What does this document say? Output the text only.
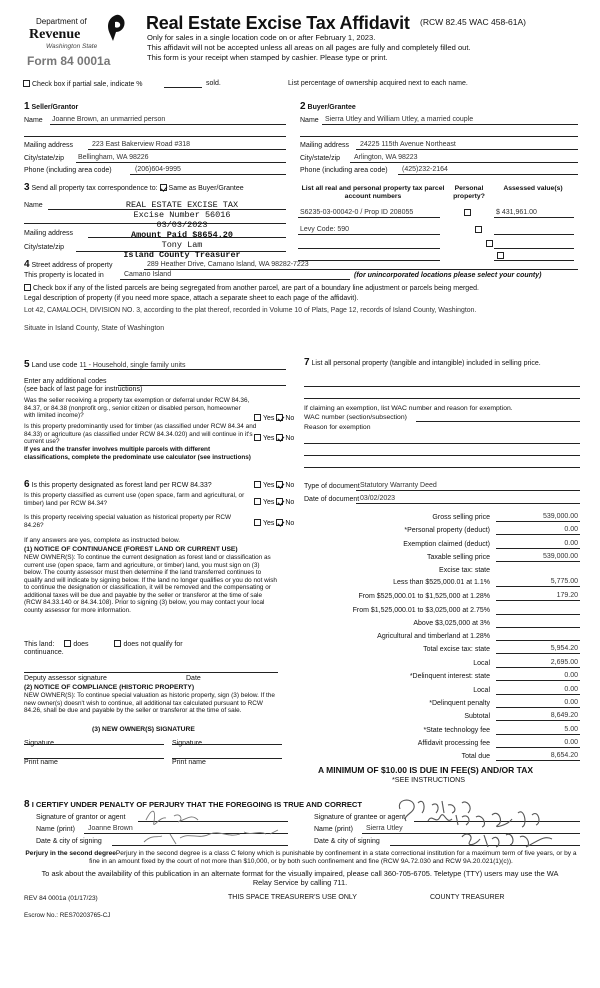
Department of
Revenue
Washington State
Form 84 0001a
Real Estate Excise Tax Affidavit (RCW 82.45 WAC 458-61A)
Only for sales in a single location code on or after February 1, 2023.
This affidavit will not be accepted unless all areas on all pages are fully and completely filled out.
This form is your receipt when stamped by cashier. Please type or print.
Check box if partial sale, indicate %	sold.	List percentage of ownership acquired next to each name.
1 Seller/Grantor
Name Joanne Brown, an unmarried person
Mailing address	223 East Bakerview Road #318
City/state/zip Bellingham, WA 98226
Phone (including area code)	(206)604-9995
2 Buyer/Grantee
Name Sierra Utley and William Utley, a married couple
Mailing address 24225 115th Avenue Northeast
City/state/zip Arlington, WA 98223
Phone (including area code) (425)232-2164
3 Send all property tax correspondence to: Same as Buyer/Grantee
Name
Mailing address
City/state/zip
REAL ESTATE EXCISE TAX
Excise Number 56016
03/03/2023
Amount Paid $8654.20
Tony Lam
Island County Treasurer
List all real and personal property tax parcel account numbers
Personal property?
Assessed value(s)
S6235-03-00042-0 / Prop ID 208055
	$ 431,961.00
Levy Code: 590

4 Street address of property	289 Heather Drive, Camano Island, WA 98282-7223
This property is located in	Camano Island	(for unincorporated locations please select your county)
Check box if any of the listed parcels are being segregated from another parcel, are part of a boundary line adjustment or parcels being merged.
Legal description of property (if you need more space, attach a separate sheet to each page of the affidavit).
Lot 42, CAMALOCH, DIVISION NO. 3, according to the plat thereof, recorded in Volume 10 of Plats, Page 12, records of Island County, Washington.
Situate in Island County, State of Washington
5 Land use code 11 - Household, single family units
Enter any additional codes
(see back of last page for instructions)
Was the seller receiving a property tax exemption or deferral under RCW 84.36, 84.37, or 84.38 (nonprofit org., senior citizen or disabled person, homeowner with limited income)?	Yes No
Is this property predominantly used for timber (as classified under RCW 84.34 and 84.33) or agriculture (as classified under RCW 84.34.020) and will continue in it's current use?
If yes and the transfer involves multiple parcels with different classifications, complete the predominate use calculator (see instructions)
Yes No
6 Is this property designated as forest land per RCW 84.33?	Yes No
Is this property classified as current use (open space, farm and agricultural, or timber) land per RCW 84.34?	Yes No
Is this property receiving special valuation as historical property per RCW 84.26?	Yes No
If any answers are yes, complete as instructed below.
(1) NOTICE OF CONTINUANCE (FOREST LAND OR CURRENT USE)
NEW OWNER(S): To continue the current designation as forest land or classification as current use (open space, farm and agriculture, or timber) land, you must sign on (3) below. The county assessor must then determine if the land transferred continues to qualify and will indicate by signing below. If the land no longer qualifies or you do not wish to continue the designation or classification, it will be removed and the compensating or additional taxes will be due and payable by the seller or transferor at the time of sale (RCW 84.33.140 or 84.34.108). Prior to signing (3) below, you may contact your local county assessor for more information.
This land:	does	does not qualify for
continuance.
Deputy assessor signature	Date
(2) NOTICE OF COMPLIANCE (HISTORIC PROPERTY)
NEW OWNER(S): To continue special valuation as historic property, sign (3) below. If the new owner(s) doesn't wish to continue, all additional tax calculated pursuant to RCW 84.26, shall be due and payable by the seller or transferor at the time of sale.
(3) NEW OWNER(S) SIGNATURE
Signature	Signature
Print name	Print name
7 List all personal property (tangible and intangible) included in selling price.
If claiming an exemption, list WAC number and reason for exemption.
WAC number (section/subsection)
Reason for exemption
Type of document Statutory Warranty Deed
Date of document 03/02/2023
Gross selling price	539,000.00
*Personal property (deduct)	0.00
Exemption claimed (deduct)	0.00
Taxable selling price	539,000.00
Excise tax: state
Less than $525,000.01 at 1.1%	5,775.00
From $525,000.01 to $1,525,000 at 1.28%	179.20
From $1,525,000.01 to $3,025,000 at 2.75%
Above $3,025,000 at 3%
Agricultural and timberland at 1.28%
Total excise tax: state	5,954.20
Local	2,695.00
*Delinquent interest: state	0.00
Local	0.00
*Delinquent penalty	0.00
Subtotal	8,649.20
*State technology fee	5.00
Affidavit processing fee	0.00
Total due	8,654.20
A MINIMUM OF $10.00 IS DUE IN FEE(S) AND/OR TAX
*SEE INSTRUCTIONS
8 I CERTIFY UNDER PENALTY OF PERJURY THAT THE FOREGOING IS TRUE AND CORRECT
Signature of grantor or agent
Name (print) Joanne Brown
Date & city of signing
Signature of grantee or agent
Name (print) Sierra Utley
Date & city of signing
Perjury in the second degreePerjury in the second degree is a class C felony which is punishable by confinement in a state correctional institution for a maximum term of five years, or by a fine in an amount fixed by the court of not more than $10,000, or by both such confinement and fine (RCW 9A.72.030 and RCW 9A.20.021(1)(c)).
To ask about the availability of this publication in an alternate format for the visually impaired, please call 360-705-6705. Teletype (TTY) users may use the WA Relay Service by calling 711.
REV 84 0001a (01/17/23)	THIS SPACE TREASURER'S USE ONLY	COUNTY TREASURER
Escrow No.: RES70203765-CJ
